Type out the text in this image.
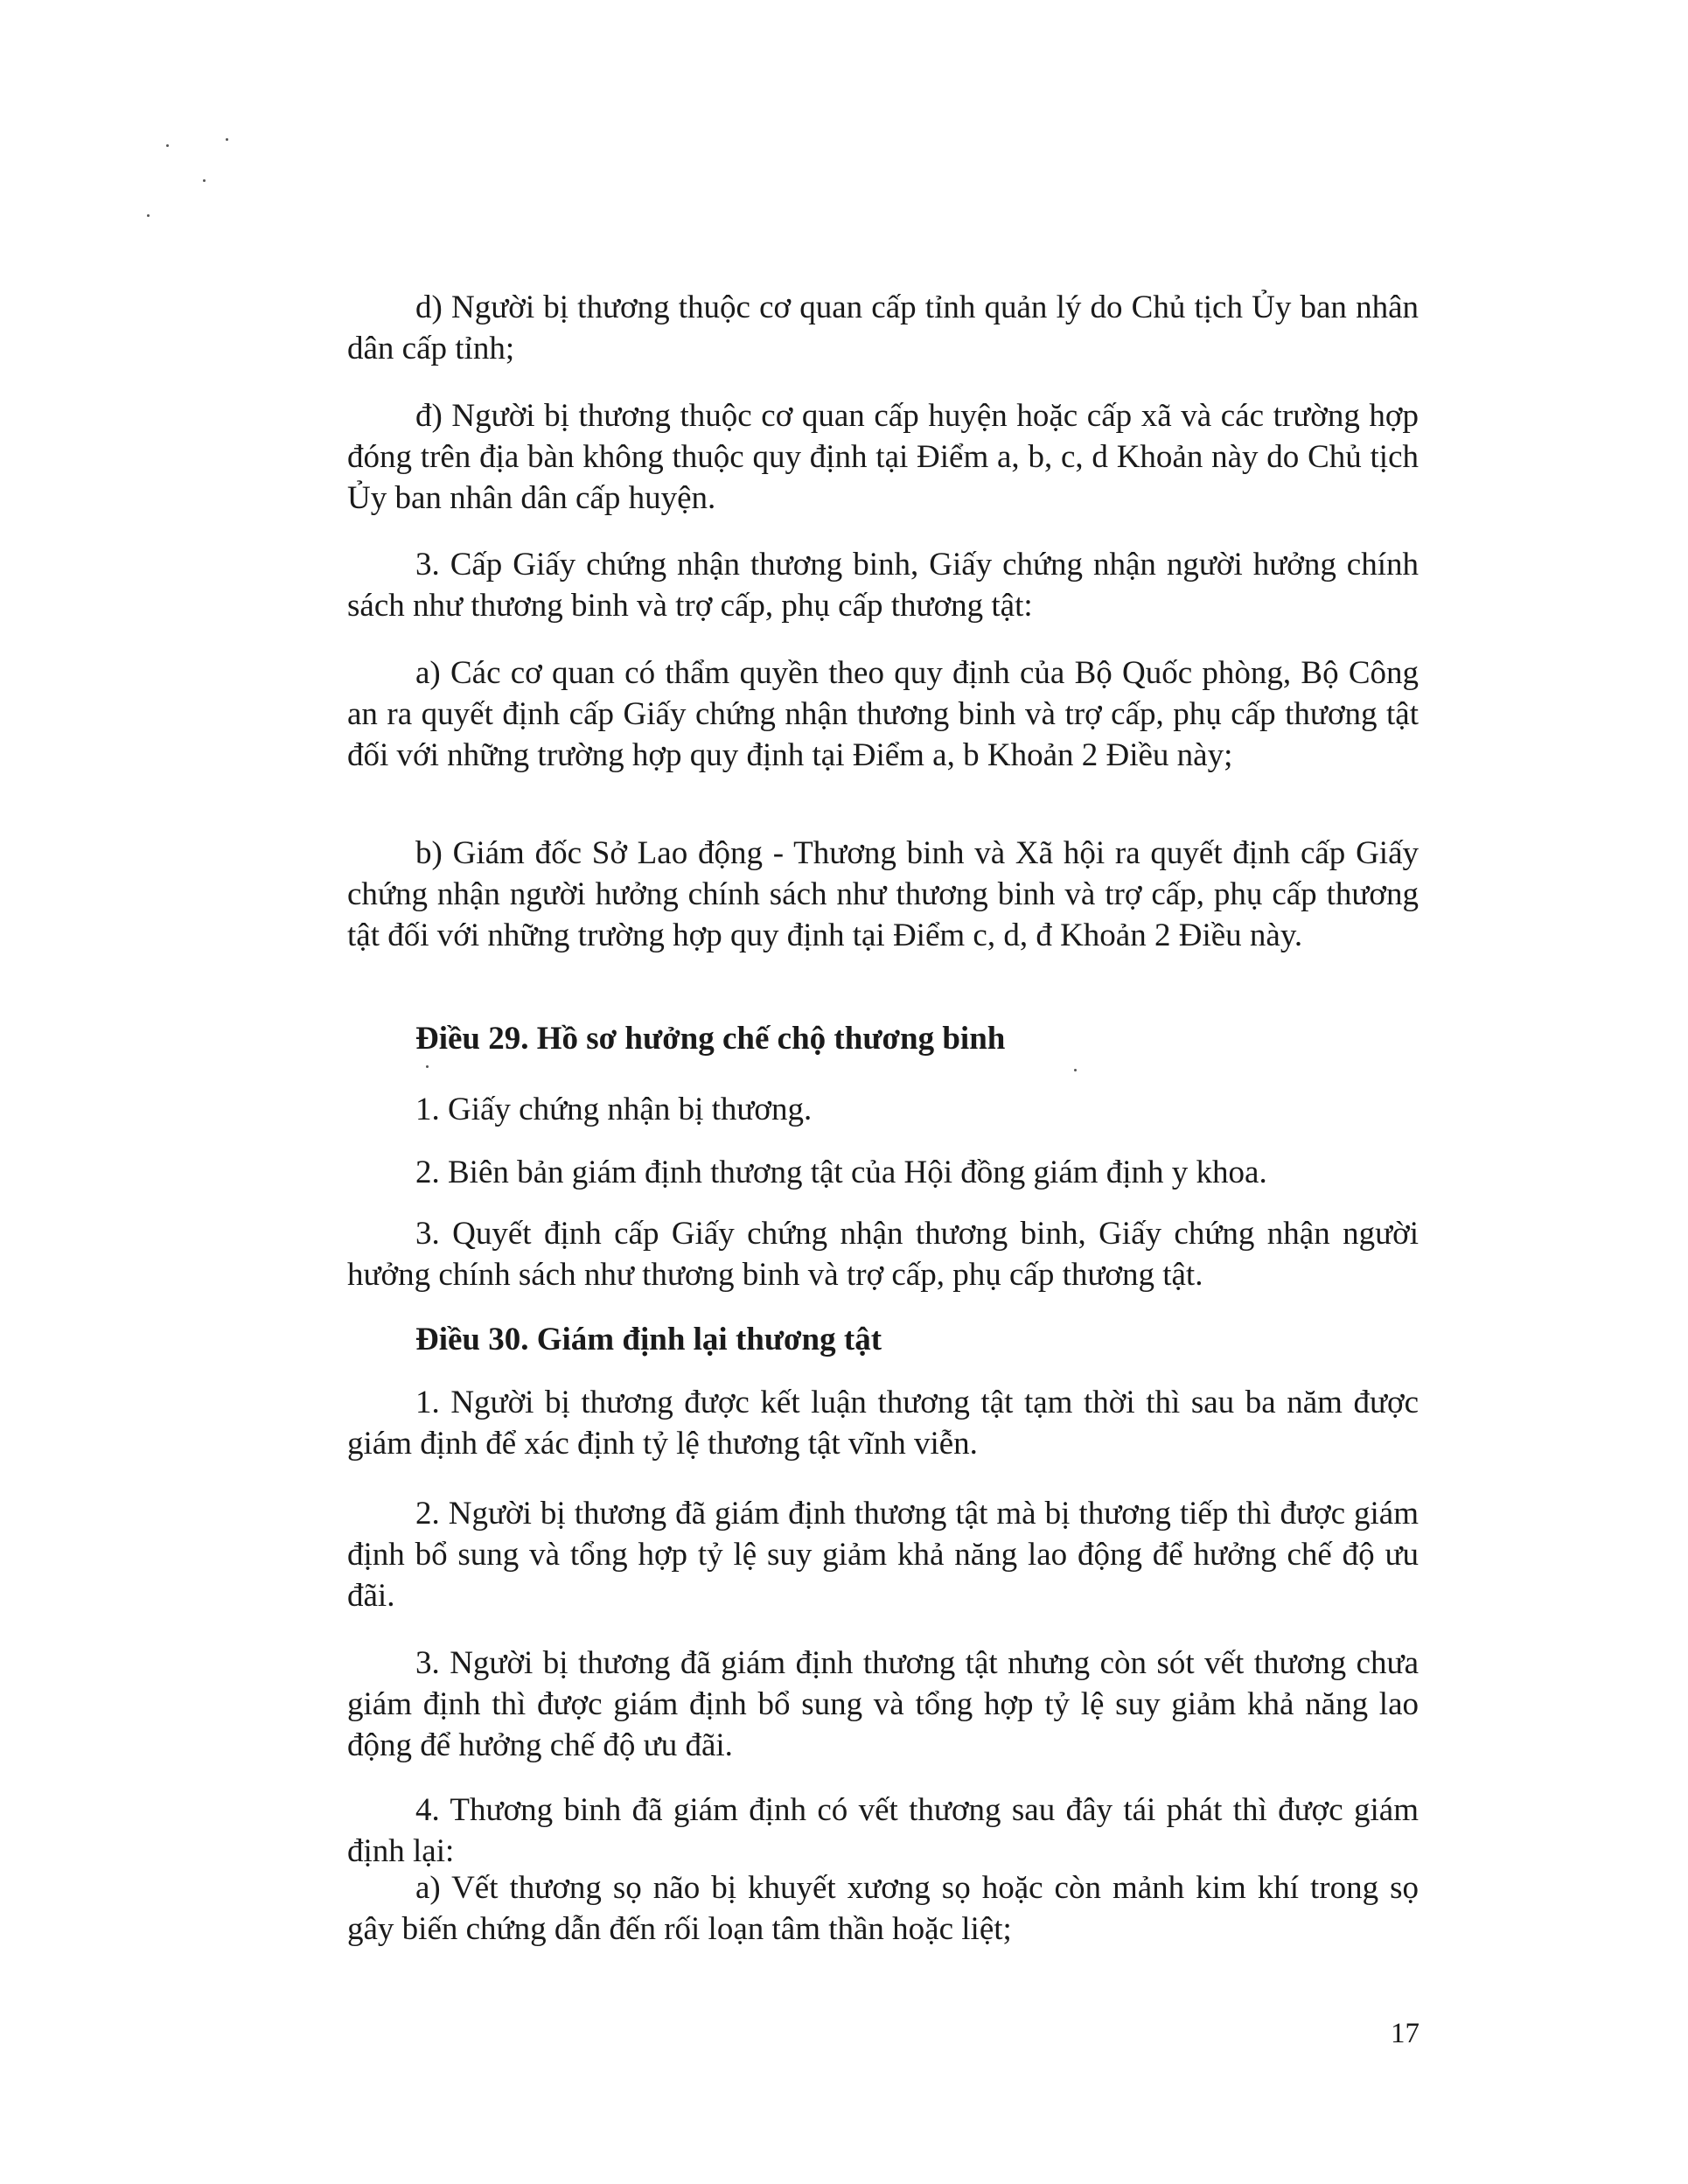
d) Người bị thương thuộc cơ quan cấp tỉnh quản lý do Chủ tịch Ủy ban nhân dân cấp tỉnh;

đ) Người bị thương thuộc cơ quan cấp huyện hoặc cấp xã và các trường hợp đóng trên địa bàn không thuộc quy định tại Điểm a, b, c, d Khoản này do Chủ tịch Ủy ban nhân dân cấp huyện.

3. Cấp Giấy chứng nhận thương binh, Giấy chứng nhận người hưởng chính sách như thương binh và trợ cấp, phụ cấp thương tật:

a) Các cơ quan có thẩm quyền theo quy định của Bộ Quốc phòng, Bộ Công an ra quyết định cấp Giấy chứng nhận thương binh và trợ cấp, phụ cấp thương tật đối với những trường hợp quy định tại Điểm a, b Khoản 2 Điều này;

b) Giám đốc Sở Lao động - Thương binh và Xã hội ra quyết định cấp Giấy chứng nhận người hưởng chính sách như thương binh và trợ cấp, phụ cấp thương tật đối với những trường hợp quy định tại Điểm c, d, đ Khoản 2 Điều này.

Điều 29. Hồ sơ hưởng chế chộ thương binh

1. Giấy chứng nhận bị thương.

2. Biên bản giám định thương tật của Hội đồng giám định y khoa.

3. Quyết định cấp Giấy chứng nhận thương binh, Giấy chứng nhận người hưởng chính sách như thương binh và trợ cấp, phụ cấp thương tật.

Điều 30. Giám định lại thương tật

1. Người bị thương được kết luận thương tật tạm thời thì sau ba năm được giám định để xác định tỷ lệ thương tật vĩnh viễn.

2. Người bị thương đã giám định thương tật mà bị thương tiếp thì được giám định bổ sung và tổng hợp tỷ lệ suy giảm khả năng lao động để hưởng chế độ ưu đãi.

3. Người bị thương đã giám định thương tật nhưng còn sót vết thương chưa giám định thì được giám định bổ sung và tổng hợp tỷ lệ suy giảm khả năng lao động để hưởng chế độ ưu đãi.

4. Thương binh đã giám định có vết thương sau đây tái phát thì được giám định lại:

a) Vết thương sọ não bị khuyết xương sọ hoặc còn mảnh kim khí trong sọ gây biến chứng dẫn đến rối loạn tâm thần hoặc liệt;

17
